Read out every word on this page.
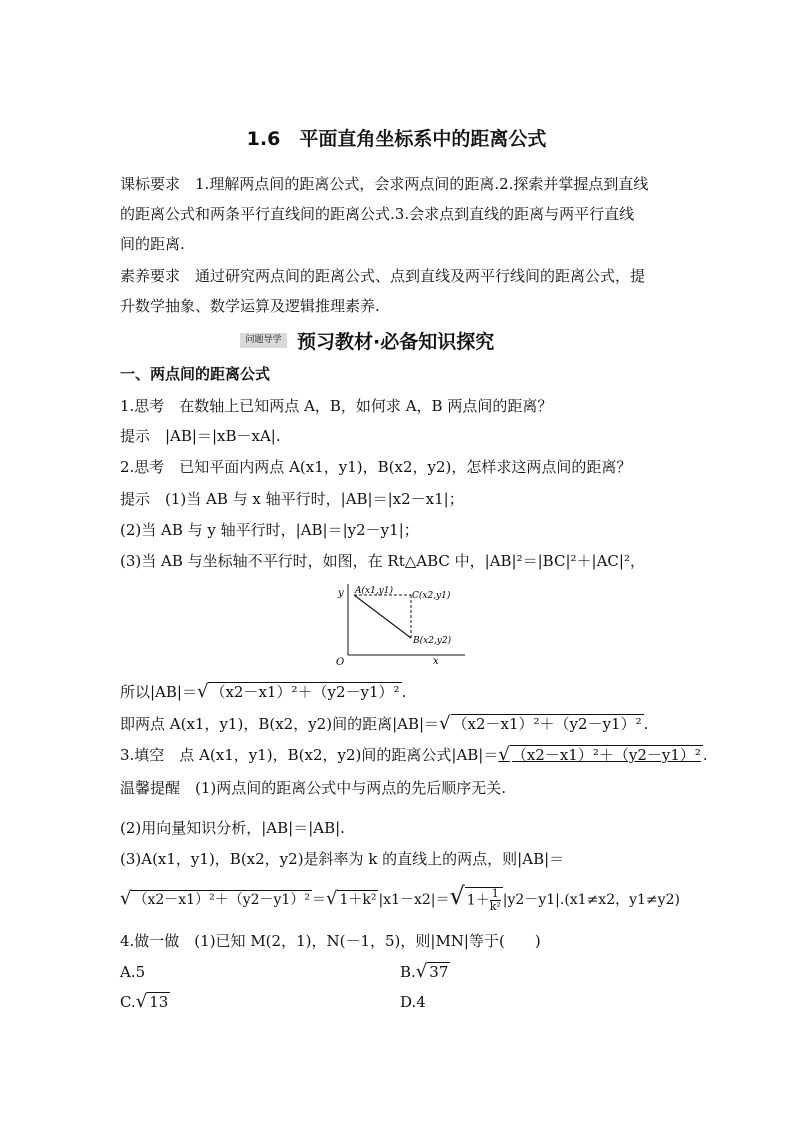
1.6　平面直角坐标系中的距离公式
课标要求　1.理解两点间的距离公式，会求两点间的距离.2.探索并掌握点到直线
的距离公式和两条平行直线间的距离公式.3.会求点到直线的距离与两平行直线
间的距离.
素养要求　通过研究两点间的距离公式、点到直线及两平行线间的距离公式，提
升数学抽象、数学运算及逻辑推理素养.
问题导学 预习教材·必备知识探究
一、两点间的距离公式
1.思考　在数轴上已知两点 A，B，如何求 A，B 两点间的距离？
提示　|AB|＝|xB－xA|.
2.思考　已知平面内两点 A(x1，y1)，B(x2，y2)，怎样求这两点间的距离？
提示　(1)当 AB 与 x 轴平行时，|AB|＝|x2－x1|；
(2)当 AB 与 y 轴平行时，|AB|＝|y2－y1|；
(3)当 AB 与坐标轴不平行时，如图，在 Rt△ABC 中，|AB|²＝|BC|²＋|AC|²，
y
x
O
A(x1,y1) C(x2,y1)
B(x2,y2)
所以|AB|＝√ （x2－x1）²＋（y2－y1）² .
即两点 A(x1，y1)，B(x2，y2)间的距离|AB|＝√ （x2－x1）²＋（y2－y1）² .
3.填空　点 A(x1，y1)，B(x2，y2)间的距离公式|AB|＝√ （x2－x1）²＋（y2－y1）² .
温馨提醒　(1)两点间的距离公式中与两点的先后顺序无关.
(2)用向量知识分析，|AB|＝|AB|.
(3)A(x1，y1)，B(x2，y2)是斜率为 k 的直线上的两点，则|AB|＝
√ （x2－x1）²＋（y2－y1）² ＝√ 1＋k² |x1－x2|＝√ $1+ \frac{1}{\text{k²}} |y2-y1|.(x1\ne x2$，y1≠y2)
4.做一做　(1)已知 M(2，1)，N(－1，5)，则|MN|等于(　　)
A.5	B.√ 37
C.√ 13	D.4
